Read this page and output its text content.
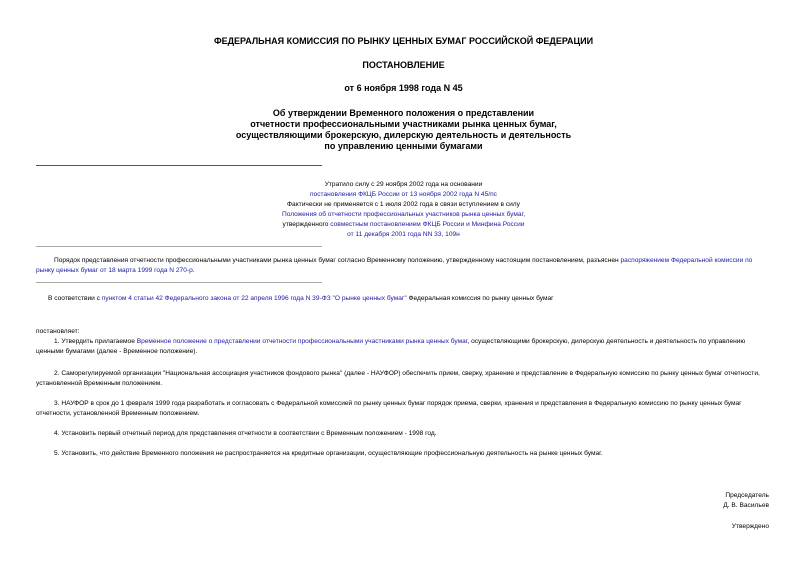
ФЕДЕРАЛЬНАЯ КОМИССИЯ ПО РЫНКУ ЦЕННЫХ БУМАГ РОССИЙСКОЙ ФЕДЕРАЦИИ
ПОСТАНОВЛЕНИЕ
от 6 ноября 1998 года N 45
Об утверждении Временного положения о представлении
отчетности профессиональными участниками рынка ценных бумаг,
осуществляющими брокерскую, дилерскую деятельность и деятельность
по управлению ценными бумагами
Утратило силу с 29 ноября 2002 года на основании
постановления ФКЦБ России от 13 ноября 2002 года N 45/пс
Фактически не применяется с 1 июля 2002 года в связи вступлением в силу
Положения об отчетности профессиональных участников рынка ценных бумаг,
утвержденного совместным постановлением ФКЦБ России и Минфина России
от 11 декабря 2001 года NN 33, 109н
Порядок представления отчетности профессиональными участниками рынка ценных бумаг согласно Временному положению, утвержденному настоящим постановлением, разъяснен распоряжением Федеральной комиссии по рынку ценных бумаг от 18 марта 1999 года N 270-р.
В соответствии с пунктом 4 статьи 42 Федерального закона от 22 апреля 1996 года N 39-ФЗ "О рынке ценных бумаг" Федеральная комиссия по рынку ценных бумаг
постановляет:
1. Утвердить прилагаемое Временное положение о представлении отчетности профессиональными участниками рынка ценных бумаг, осуществляющими брокерскую, дилерскую деятельность и деятельность по управлению ценными бумагами (далее - Временное положение).
2. Саморегулируемой организации "Национальная ассоциация участников фондового рынка" (далее - НАУФОР) обеспечить прием, сверку, хранение и представление в Федеральную комиссию по рынку ценных бумаг отчетности, установленной Временным положением.
3. НАУФОР в срок до 1 февраля 1999 года разработать и согласовать с Федеральной комиссией по рынку ценных бумаг порядок приема, сверки, хранения и представления в Федеральную комиссию по рынку ценных бумаг отчетности, установленной Временным положением.
4. Установить первый отчетный период для представления отчетности в соответствии с Временным положением - 1998 год.
5. Установить, что действие Временного положения не распространяется на кредитные организации, осуществляющие профессиональную деятельность на рынке ценных бумаг.
Председатель
Д. В. Васильев
Утверждено
